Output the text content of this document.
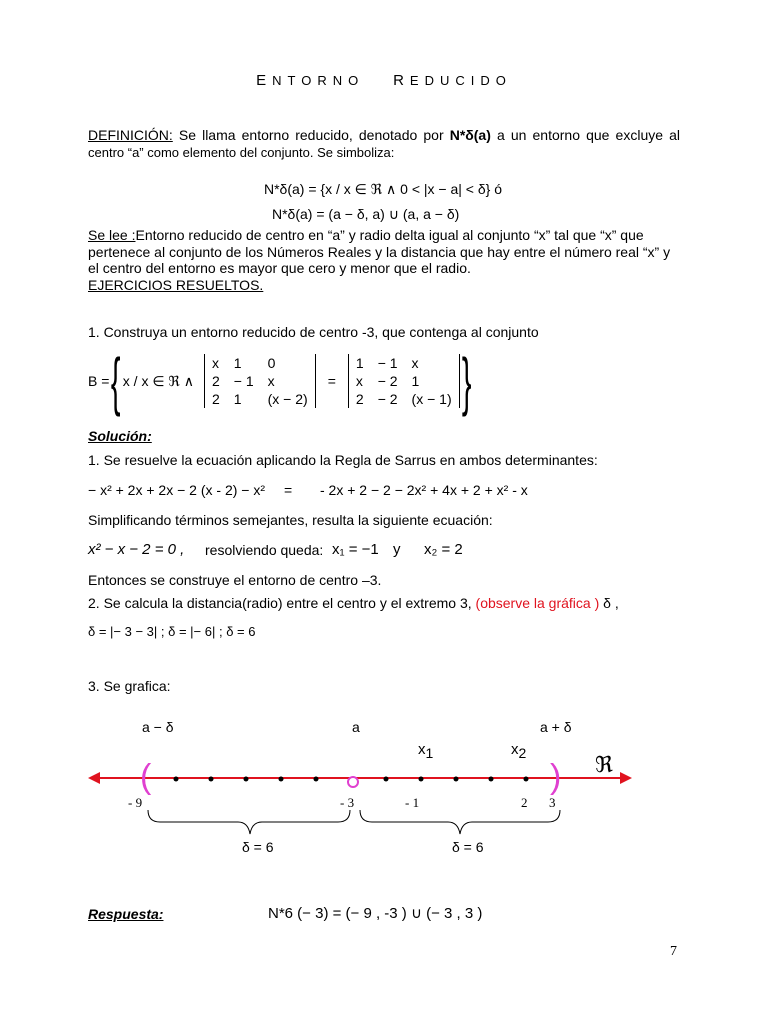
ENTORNO REDUCIDO
DEFINICIÓN: Se llama entorno reducido, denotado por N*δ(a) a un entorno que excluye al
centro “a” como elemento del conjunto. Se simboliza:
N*δ(a) = {x / x ∈ ℜ ∧ 0 < |x − a| < δ} ó
N*δ(a) = (a − δ, a) ∪ (a, a − δ)
Se lee :Entorno reducido de centro en “a” y radio delta igual al conjunto “x” tal que “x” que
pertenece al conjunto de los Números Reales y la distancia que hay entre el número real “x” y
el centro del entorno es mayor que cero y menor que el radio.
EJERCICIOS RESUELTOS.
1. Construya un entorno reducido de centro -3, que contenga al conjunto
B = { x / x ∈ ℜ ∧
x	1	0
2	− 1	x
2	1	(x − 2)
=
1	− 1	x
x	− 2	1
2	− 2	(x − 1) }
Solución:
1. Se resuelve la ecuación aplicando la Regla de Sarrus en ambos determinantes:
− x² + 2x + 2x − 2 (x - 2) − x² = - 2x + 2 − 2 − 2x² + 4x + 2 + x² - x
Simplificando términos semejantes, resulta la siguiente ecuación:
x² − x − 2 = 0 , resolviendo queda: x₁ = −1 y x₂ = 2
Entonces se construye el entorno de centro –3.
2. Se calcula la distancia(radio) entre el centro y el extremo 3, (observe la gráfica ) δ ,
δ = |− 3 − 3| ; δ = |− 6| ; δ = 6
3. Se grafica:
a − δ	a	a + δ
x1	x2	ℜ
(	)
- 9	- 3	- 1	2 3
δ = 6	δ = 6
Respuesta:	N*6 (− 3) = (− 9 , -3 ) ∪ (− 3 , 3 )
7
